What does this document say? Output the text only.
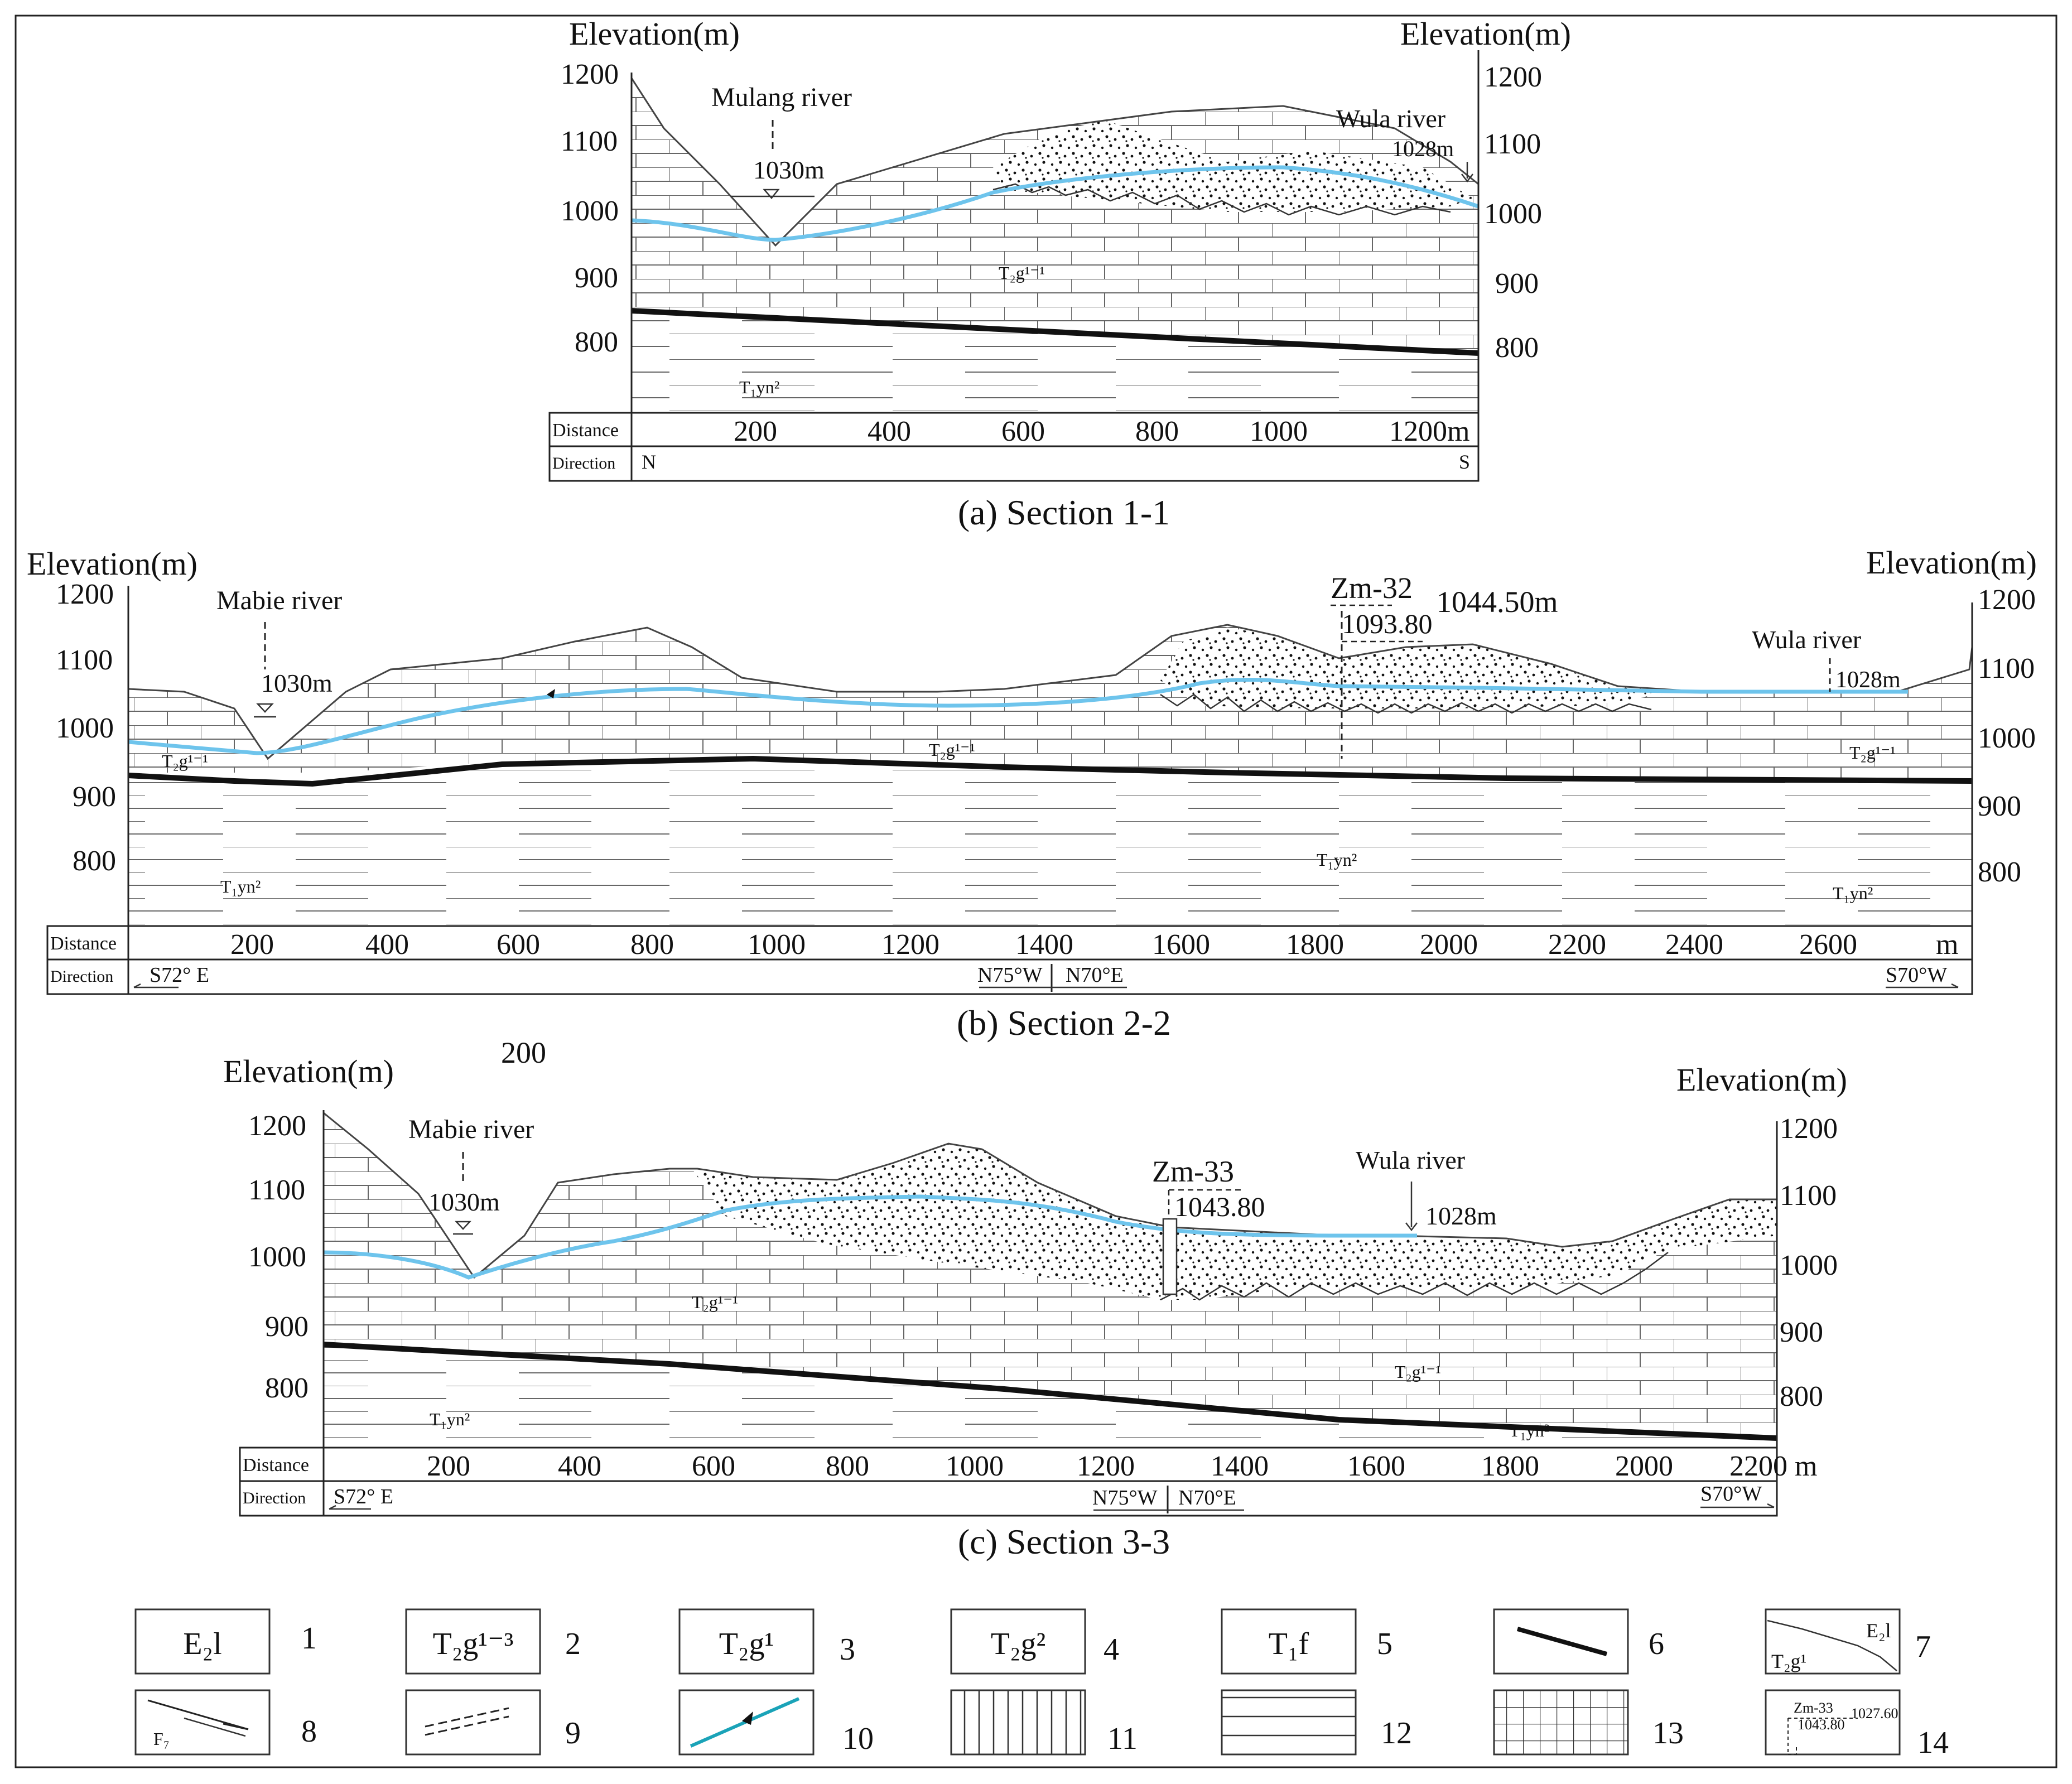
Elevation(m)	Elevation(m)
1200
1100
1000
900
800
1200
1100
1000
900
800
Mulang river
1030m
Wula river
1028m
T₂g¹⁻¹
T₁yn²
Distance
Direction
200	400	600	800 1000	1200m
N	S
(a) Section 1-1
Elevation(m)	Elevation(m)
1200
1100
1000
900
800
1200
1100
1000
900
800
Mabie river
1030m
Wula river
1028m
Zm-32
1093.80
1044.50m
T₂g¹⁻¹
T₂g¹⁻¹	T₂g¹⁻¹
T₁yn²
T₁yn²
T₁yn²
Distance
Direction
200	400	600	800	1000	1200	1400	1600	1800	2000 2200 2400	2600	m
S72° E	N75°W N70°E	S70°W
(b) Section 2-2
Elevation(m)	Elevation(m)
200
1200
1100
1000
900
800
1200
1100
1000
900
800
Mabie river
1030m
Wula river
1028m
Zm-33
1043.80
T₂g¹⁻¹
T₂g¹⁻¹
T₁yn²
T₁yn²
Distance
Direction
200	400	600	800	1000	1200	1400	1600	1800	2000 2200 m
S72° E	N75°W N70°E	S70°W
(c) Section 3-3
E₂l	1	T₂g¹⁻³ 2	T₂g¹ 3	T₂g² 4	T₁f 5	6	E₂l
T₂g¹	7
F₇	8	9	10	11	12	13
Zm-33 1027.60
1043.80
14
